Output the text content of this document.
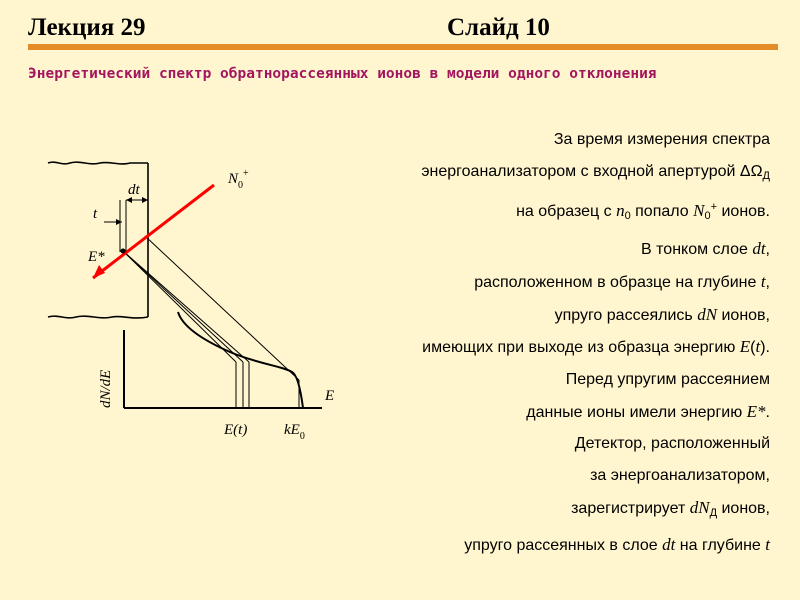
Лекция 29	Слайд 10
Энергетический спектр обратнорассеянных ионов в модели одного отклонения
$N_0^+$
dt
t
E*
dN/dE	E
E(t) $kE_0$
За время измерения спектра
энергоанализатором с входной апертурой $\Delta\Omega_Д$
на образец с $n_0$ попало $N_0^+$ ионов.
В тонком слое dt,
расположенном в образце на глубине t,
упруго рассеялись dN ионов,
имеющих при выходе из образца энергию E(t).
Перед упругим рассеянием
данные ионы имели энергию E*.
Детектор, расположенный
за энергоанализатором,
зарегистрирует $dN_Д$ ионов,
упруго рассеянных в слое dt на глубине t
